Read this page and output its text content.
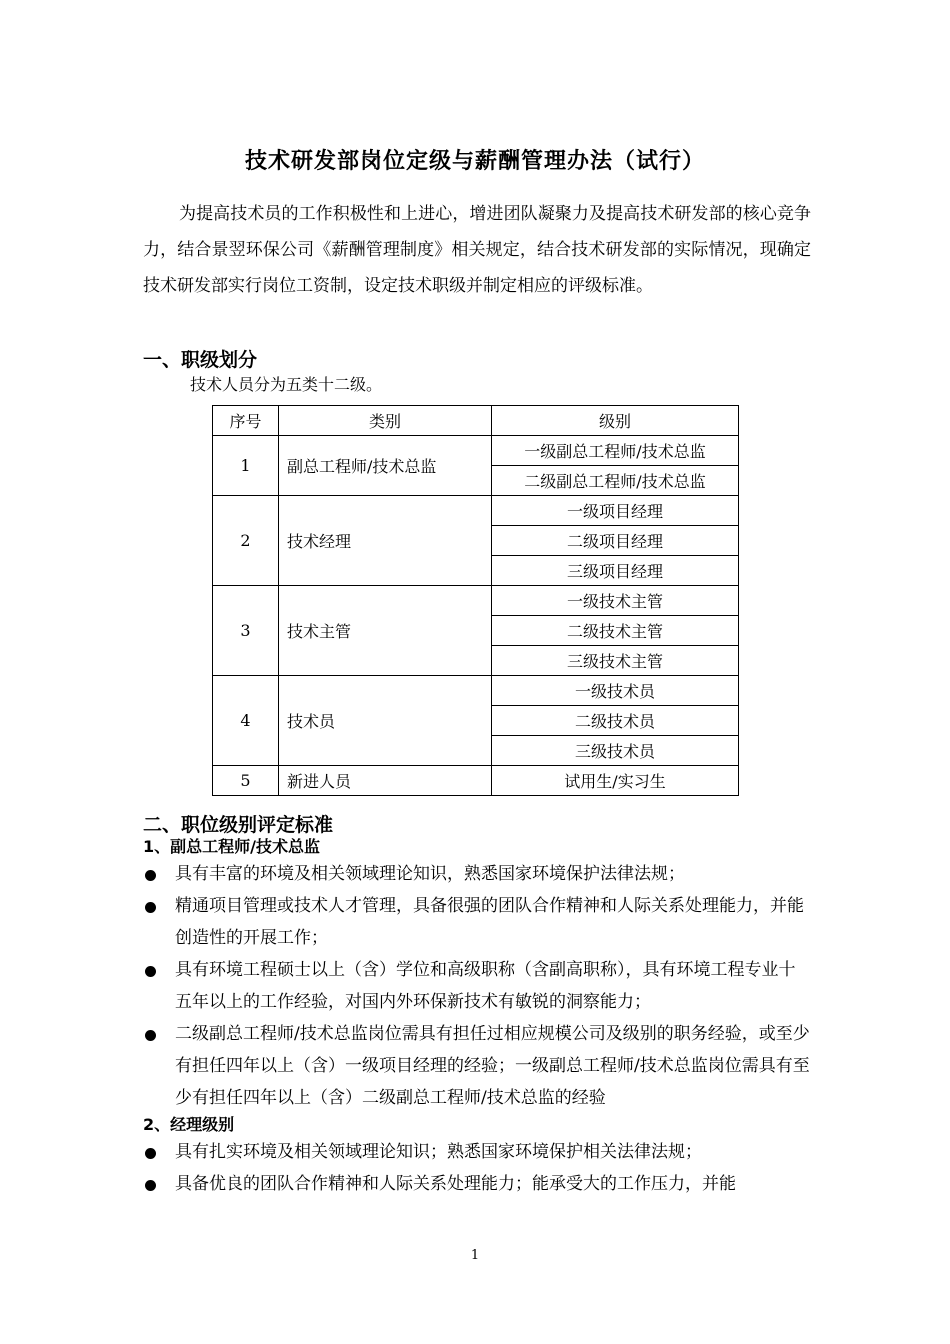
技术研发部岗位定级与薪酬管理办法（试行）

为提高技术员的工作积极性和上进心，增进团队凝聚力及提高技术研发部的核心竞争力，结合景翌环保公司《薪酬管理制度》相关规定，结合技术研发部的实际情况，现确定技术研发部实行岗位工资制，设定技术职级并制定相应的评级标准。

一、职级划分
技术人员分为五类十二级。
序号	类别	级别
1	副总工程师/技术总监	一级副总工程师/技术总监
		二级副总工程师/技术总监
2	技术经理	一级项目经理
		二级项目经理
		三级项目经理
3	技术主管	一级技术主管
		二级技术主管
		三级技术主管
4	技术员	一级技术员
		二级技术员
		三级技术员
5	新进人员	试用生/实习生
二、职位级别评定标准
1、副总工程师/技术总监
具有丰富的环境及相关领域理论知识，熟悉国家环境保护法律法规；
精通项目管理或技术人才管理，具备很强的团队合作精神和人际关系处理能力，并能创造性的开展工作；
具有环境工程硕士以上（含）学位和高级职称（含副高职称），具有环境工程专业十五年以上的工作经验，对国内外环保新技术有敏锐的洞察能力；
二级副总工程师/技术总监岗位需具有担任过相应规模公司及级别的职务经验，或至少有担任四年以上（含）一级项目经理的经验；一级副总工程师/技术总监岗位需具有至少有担任四年以上（含）二级副总工程师/技术总监的经验
2、经理级别
具有扎实环境及相关领域理论知识；熟悉国家环境保护相关法律法规；
具备优良的团队合作精神和人际关系处理能力；能承受大的工作压力，并能
1
